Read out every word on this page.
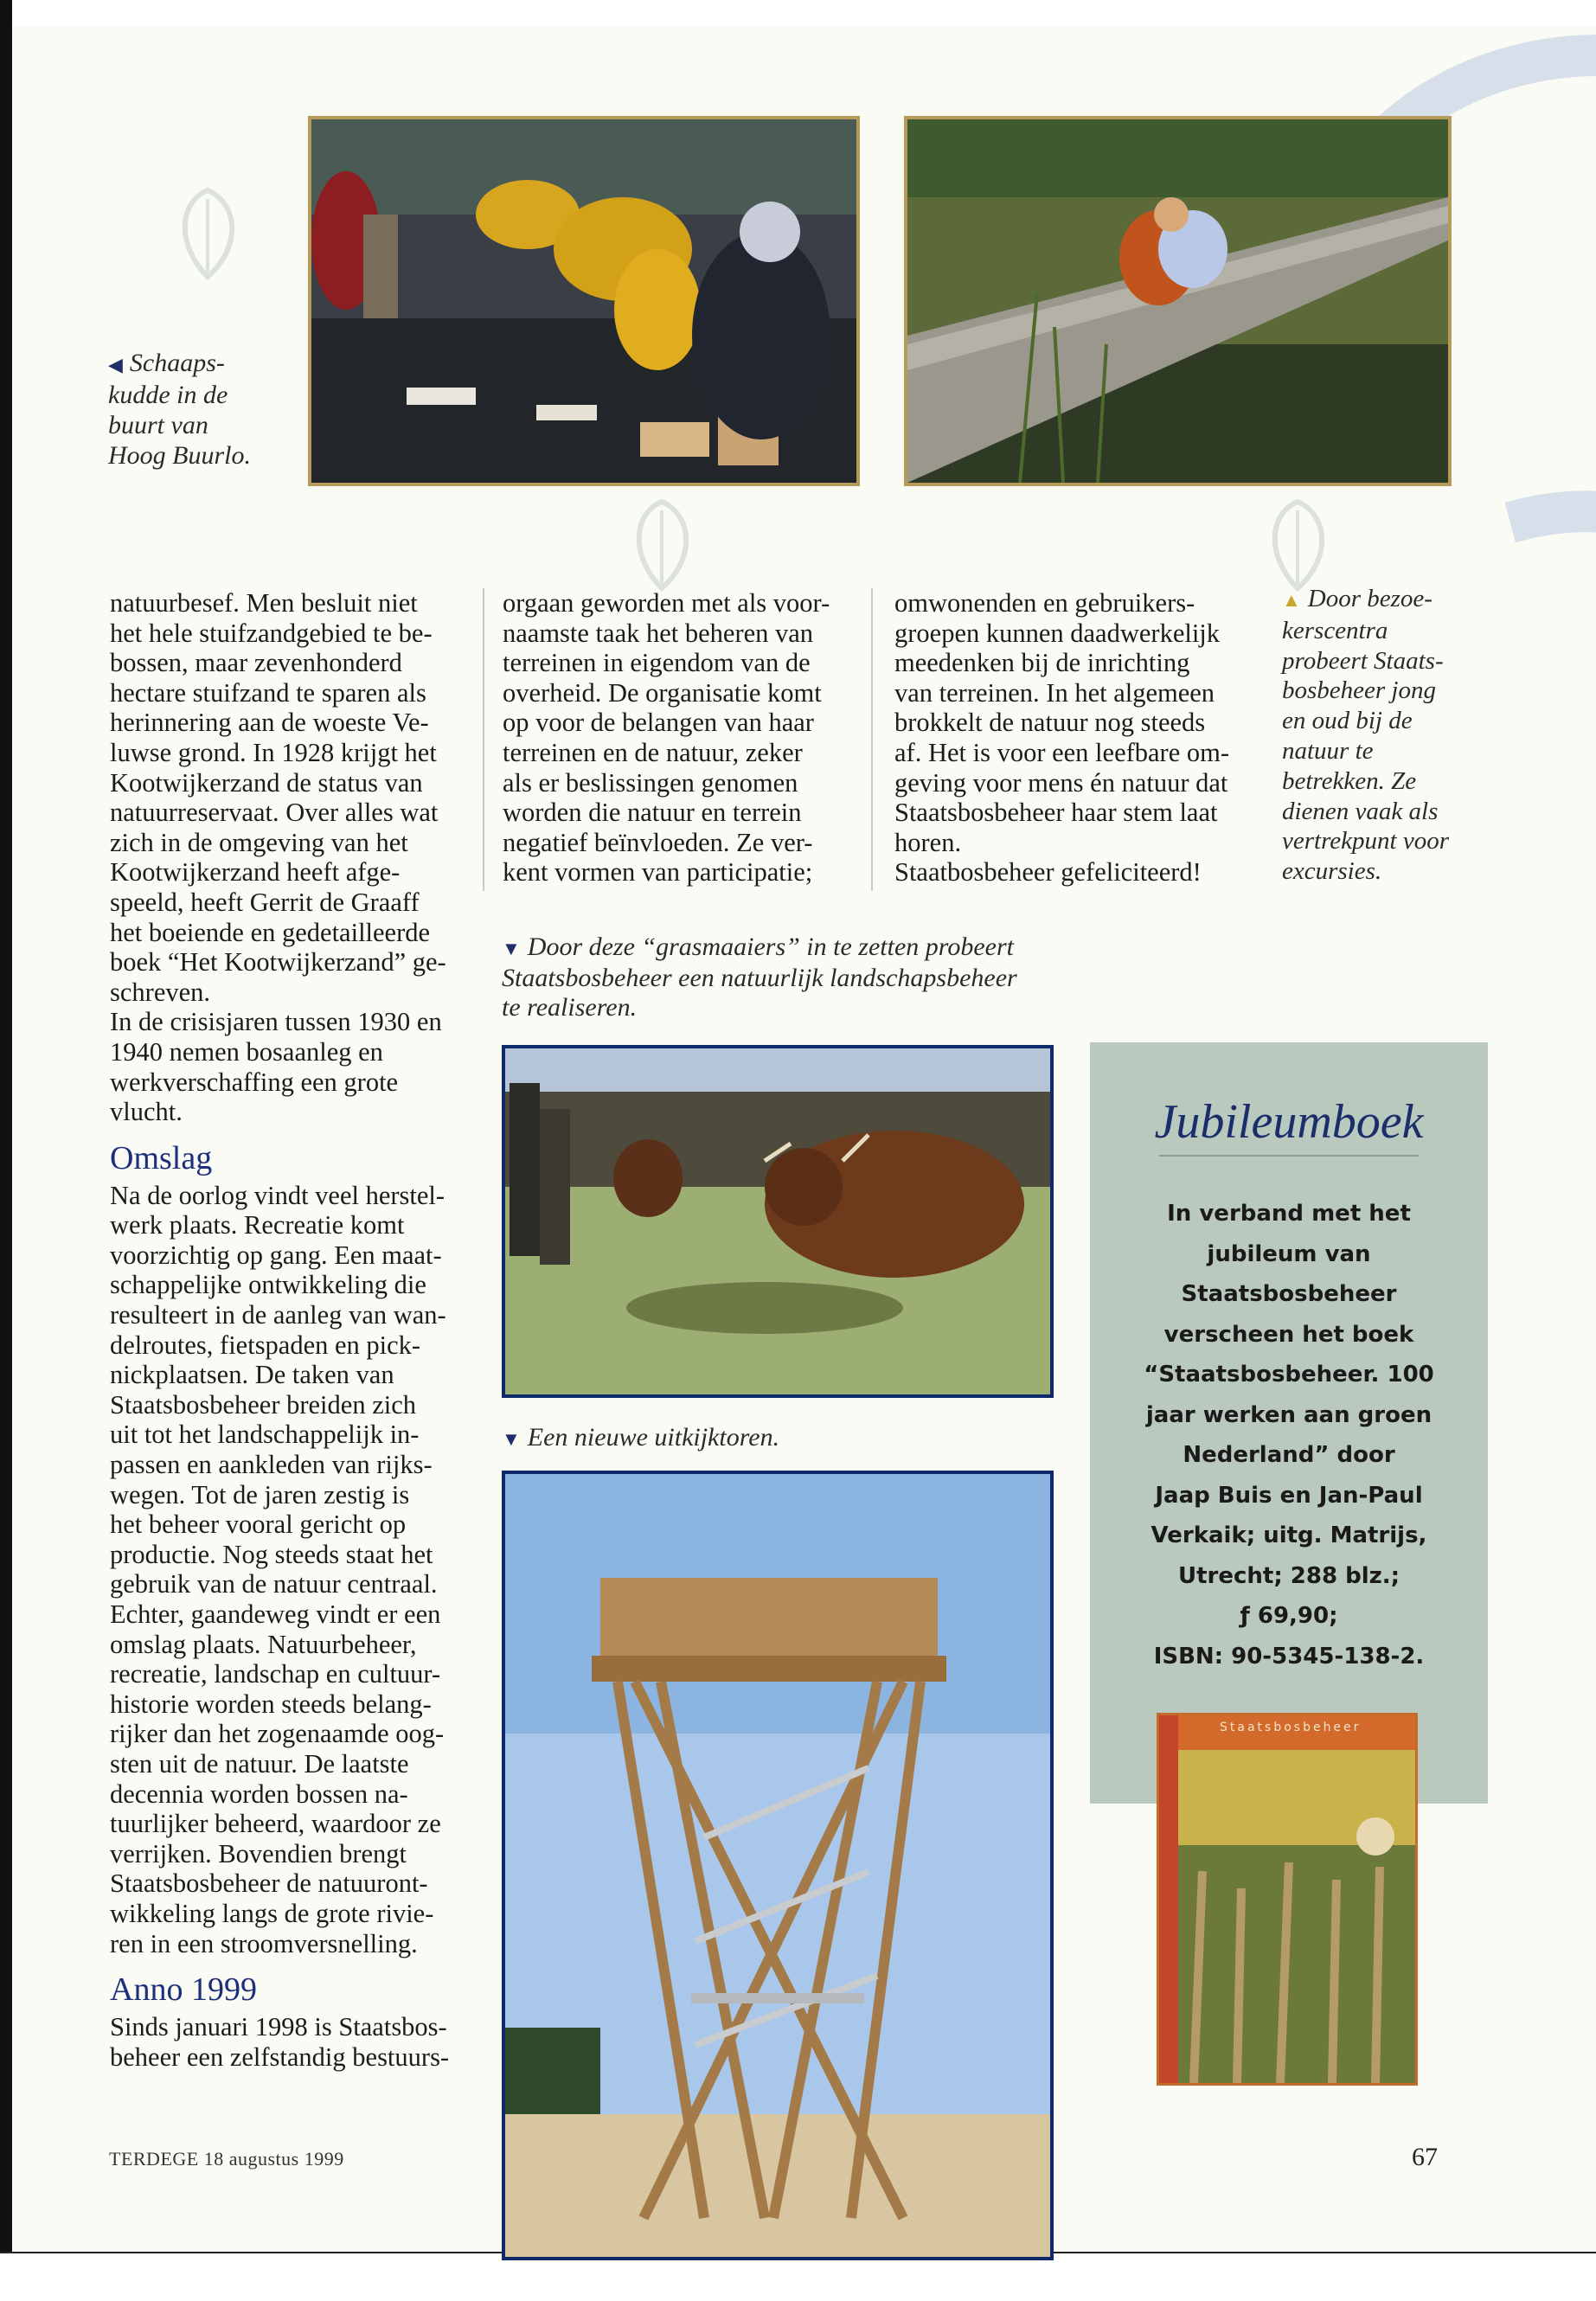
◀ Schaaps-
kudde in de
buurt van
Hoog Buurlo.
natuurbesef. Men besluit niet
het hele stuifzandgebied te be-
bossen, maar zevenhonderd
hectare stuifzand te sparen als
herinnering aan de woeste Ve-
luwse grond. In 1928 krijgt het
Kootwijkerzand de status van
natuurreservaat. Over alles wat
zich in de omgeving van het
Kootwijkerzand heeft afge-
speeld, heeft Gerrit de Graaff
het boeiende en gedetailleerde
boek “Het Kootwijkerzand” ge-
schreven.
In de crisisjaren tussen 1930 en
1940 nemen bosaanleg en
werkverschaffing een grote
vlucht.
Omslag
Na de oorlog vindt veel herstel-
werk plaats. Recreatie komt
voorzichtig op gang. Een maat-
schappelijke ontwikkeling die
resulteert in de aanleg van wan-
delroutes, fietspaden en pick-
nickplaatsen. De taken van
Staatsbosbeheer breiden zich
uit tot het landschappelijk in-
passen en aankleden van rijks-
wegen. Tot de jaren zestig is
het beheer vooral gericht op
productie. Nog steeds staat het
gebruik van de natuur centraal.
Echter, gaandeweg vindt er een
omslag plaats. Natuurbeheer,
recreatie, landschap en cultuur-
historie worden steeds belang-
rijker dan het zogenaamde oog-
sten uit de natuur. De laatste
decennia worden bossen na-
tuurlijker beheerd, waardoor ze
verrijken. Bovendien brengt
Staatsbosbeheer de natuuront-
wikkeling langs de grote rivie-
ren in een stroomversnelling.
Anno 1999
Sinds januari 1998 is Staatsbos-
beheer een zelfstandig bestuurs-
orgaan geworden met als voor-
naamste taak het beheren van
terreinen in eigendom van de
overheid. De organisatie komt
op voor de belangen van haar
terreinen en de natuur, zeker
als er beslissingen genomen
worden die natuur en terrein
negatief beïnvloeden. Ze ver-
kent vormen van participatie;
omwonenden en gebruikers-
groepen kunnen daadwerkelijk
meedenken bij de inrichting
van terreinen. In het algemeen
brokkelt de natuur nog steeds
af. Het is voor een leefbare om-
geving voor mens én natuur dat
Staatsbosbeheer haar stem laat
horen.
Staatbosbeheer gefeliciteerd!
▲ Door bezoe-
kerscentra
probeert Staats-
bosbeheer jong
en oud bij de
natuur te
betrekken. Ze
dienen vaak als
vertrekpunt voor
excursies.
▼ Door deze “grasmaaiers” in te zetten probeert
Staatsbosbeheer een natuurlijk landschapsbeheer
te realiseren.
▼ Een nieuwe uitkijktoren.
Jubileumboek
In verband met het
jubileum van
Staatsbosbeheer
verscheen het boek
“Staatsbosbeheer. 100
jaar werken aan groen
Nederland” door
Jaap Buis en Jan-Paul
Verkaik; uitg. Matrijs,
Utrecht; 288 blz.;
ƒ 69,90;
ISBN: 90-5345-138-2.
Staatsbosbeheer
TERDEGE 18 augustus 1999	67
